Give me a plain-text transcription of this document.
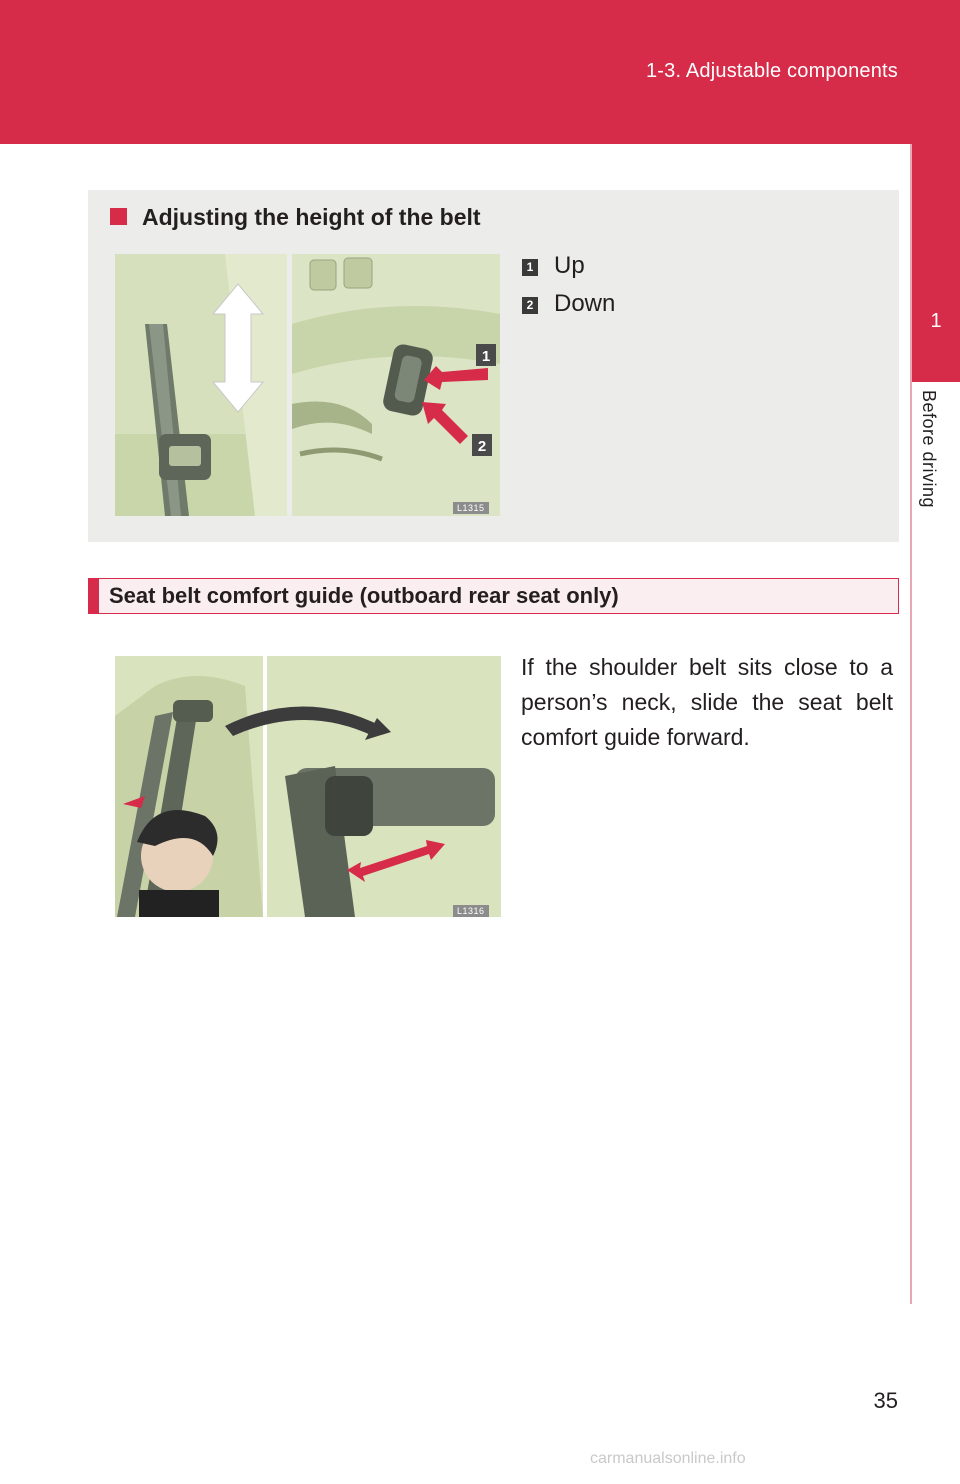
1-3. Adjustable components
1
Before driving
Adjusting the height of the belt
1
2
L1315
1 Up
2 Down
Seat belt comfort guide (outboard rear seat only)
L1316
If the shoulder belt sits close to a person’s neck, slide the seat belt comfort guide forward.
35
carmanualsonline.info
